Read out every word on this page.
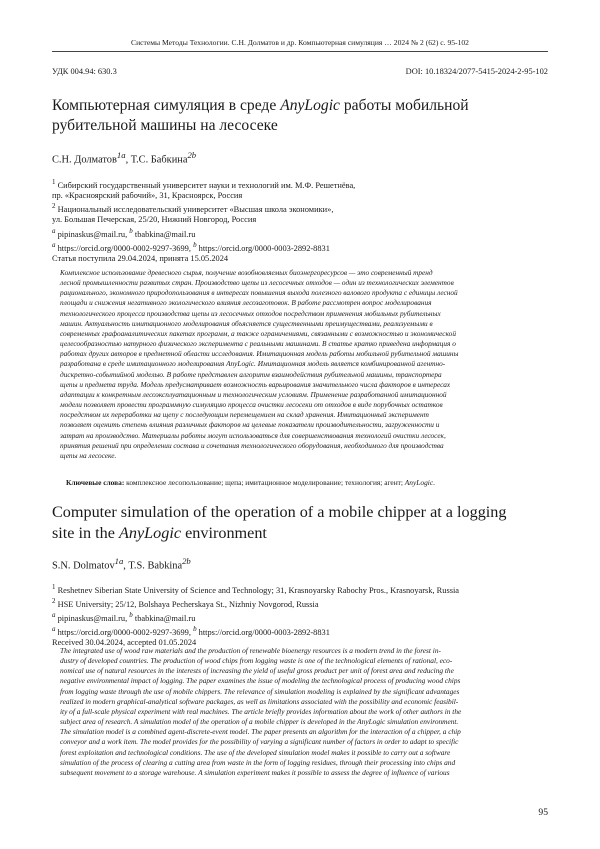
Системы Методы Технологии. С.Н. Долматов и др. Компьютерная симуляция … 2024 № 2 (62) с. 95-102
УДК 004.94: 630.3	DOI: 10.18324/2077-5415-2024-2-95-102
Компьютерная симуляция в среде AnyLogic работы мобильной рубительной машины на лесосеке
С.Н. Долматов$^{1a}$, Т.С. Бабкина$^{2b}$
$^1$ Сибирский государственный университет науки и технологий им. М.Ф. Решетнёва,
пр. «Красноярский рабочий», 31, Красноярск, Россия
$^2$ Национальный исследовательский университет «Высшая школа экономики»,
ул. Большая Печерская, 25/20, Нижний Новгород, Россия
$^a$ pipinaskus@mail.ru, $^b$ tbabkina@mail.ru
$^a$ https://orcid.org/0000-0002-9297-3699, $^b$ https://orcid.org/0000-0003-2892-8831
Статья поступила 29.04.2024, принята 15.05.2024
Комплексное использование древесного сырья, получение возобновляемых биоэнергоресурсов — это современный тренд
лесной промышленности развитых стран. Производство щепы из лесосечных отходов — один из технологических элементов
рационального, экономного природопользования в интересах повышения выхода полезного валового продукта с единицы лесной
площади и снижения негативного экологического влияния лесозаготовок. В работе рассмотрен вопрос моделирования
технологического процесса производства щепы из лесосечных отходов посредством применения мобильных рубительных
машин. Актуальность имитационного моделирования объясняется существенными преимуществами, реализуемыми в
современных графоаналитических пакетах программ, а также ограничениями, связанными с возможностью и экономической
целесообразностью натурного физического эксперимента с реальными машинами. В статье кратко приведена информация о
работах других авторов в предметной области исследования. Имитационная модель работы мобильной рубительной машины
разработана в среде имитационного моделирования AnyLogic. Имитационная модель является комбинированной агентно-
дискретно-событийной моделью. В работе представлен алгоритм взаимодействия рубительной машины, транспортера
щепы и предмета труда. Модель предусматривает возможность варьирования значительного числа факторов в интересах
адаптации к конкретным лесоэксплуатационным и технологическим условиям. Применение разработанной имитационной
модели позволяет провести программную симуляцию процесса очистки лесосеки от отходов в виде порубочных остатков
посредством их переработки на щепу с последующим перемещением на склад хранения. Имитационный эксперимент
позволяет оценить степень влияния различных факторов на целевые показатели производительности, загруженности и
затрат на производство. Материалы работы могут использоваться для совершенствования технологий очистки лесосек,
принятия решений при определении состава и сочетания технологического оборудования, необходимого для производства
щепы на лесосеке.
Ключевые слова: комплексное лесопользование; щепа; имитационное моделирование; технология; агент; AnyLogic.
Computer simulation of the operation of a mobile chipper at a logging
site in the AnyLogic environment
S.N. Dolmatov$^{1a}$, T.S. Babkina$^{2b}$
$^1$ Reshetnev Siberian State University of Science and Technology; 31, Krasnoyarsky Rabochy Pros., Krasnoyarsk, Russia
$^2$ HSE University; 25/12, Bolshaya Pecherskaya St., Nizhniy Novgorod, Russia
$^a$ pipinaskus@mail.ru, $^b$ tbabkina@mail.ru
$^a$ https://orcid.org/0000-0002-9297-3699, $^b$ https://orcid.org/0000-0003-2892-8831
Received 30.04.2024, accepted 01.05.2024
The integrated use of wood raw materials and the production of renewable bioenergy resources is a modern trend in the forest in-
dustry of developed countries. The production of wood chips from logging waste is one of the technological elements of rational, eco-
nomical use of natural resources in the interests of increasing the yield of useful gross product per unit of forest area and reducing the
negative environmental impact of logging. The paper examines the issue of modeling the technological process of producing wood chips
from logging waste through the use of mobile chippers. The relevance of simulation modeling is explained by the significant advantages
realized in modern graphical-analytical software packages, as well as limitations associated with the possibility and economic feasibil-
ity of a full-scale physical experiment with real machines. The article briefly provides information about the work of other authors in the
subject area of research. A simulation model of the operation of a mobile chipper is developed in the AnyLogic simulation environment.
The simulation model is a combined agent-discrete-event model. The paper presents an algorithm for the interaction of a chipper, a chip
conveyor and a work item. The model provides for the possibility of varying a significant number of factors in order to adapt to specific
forest exploitation and technological conditions. The use of the developed simulation model makes it possible to carry out a software
simulation of the process of clearing a cutting area from waste in the form of logging residues, through their processing into chips and
subsequent movement to a storage warehouse. A simulation experiment makes it possible to assess the degree of influence of various
95
